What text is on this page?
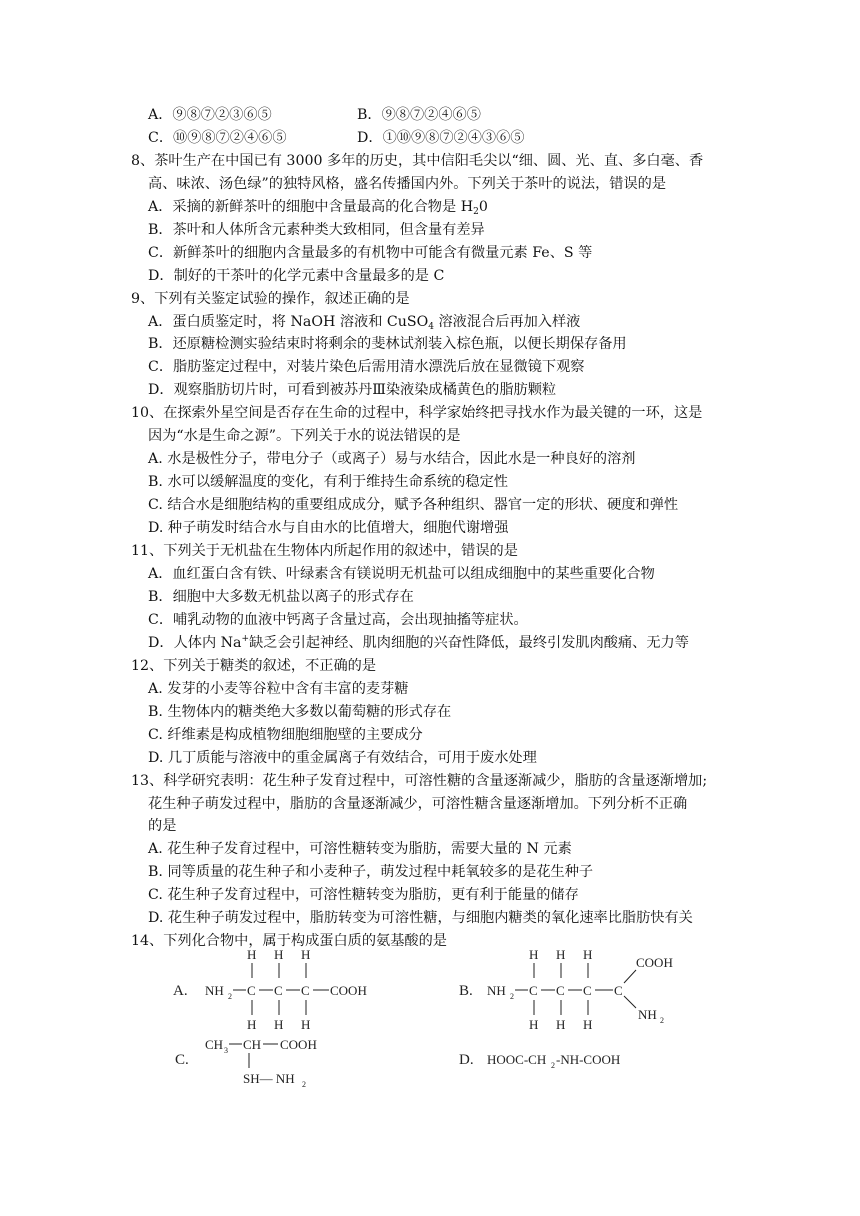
A．⑨⑧⑦②③⑥⑤	B．⑨⑧⑦②④⑥⑤
C．⑩⑨⑧⑦②④⑥⑤	D．①⑩⑨⑧⑦②④③⑥⑤
8、茶叶生产在中国已有 3000 多年的历史，其中信阳毛尖以“细、圆、光、直、多白毫、香
高、味浓、汤色绿”的独特风格，盛名传播国内外。下列关于茶叶的说法，错误的是
A．采摘的新鲜茶叶的细胞中含量最高的化合物是 $H_20$
B．茶叶和人体所含元素种类大致相同，但含量有差异
C．新鲜茶叶的细胞内含量最多的有机物中可能含有微量元素 Fe、S 等
D．制好的干茶叶的化学元素中含量最多的是 C
9、下列有关鉴定试验的操作，叙述正确的是
A．蛋白质鉴定时，将 NaOH 溶液和 CuSO$_4$ 溶液混合后再加入样液
B．还原糖检测实验结束时将剩余的斐林试剂装入棕色瓶，以便长期保存备用
C．脂肪鉴定过程中，对装片染色后需用清水漂洗后放在显微镜下观察
D．观察脂肪切片时，可看到被苏丹Ⅲ染液染成橘黄色的脂肪颗粒
10、在探索外星空间是否存在生命的过程中，科学家始终把寻找水作为最关键的一环，这是
因为“水是生命之源”。下列关于水的说法错误的是
A. 水是极性分子，带电分子（或离子）易与水结合，因此水是一种良好的溶剂
B. 水可以缓解温度的变化，有利于维持生命系统的稳定性
C. 结合水是细胞结构的重要组成成分，赋予各种组织、器官一定的形状、硬度和弹性
D. 种子萌发时结合水与自由水的比值增大，细胞代谢增强
11、下列关于无机盐在生物体内所起作用的叙述中，错误的是
A．血红蛋白含有铁、叶绿素含有镁说明无机盐可以组成细胞中的某些重要化合物
B．细胞中大多数无机盐以离子的形式存在
C．哺乳动物的血液中钙离子含量过高，会出现抽搐等症状。
D．人体内 Na+缺乏会引起神经、肌肉细胞的兴奋性降低，最终引发肌肉酸痛、无力等
12、下列关于糖类的叙述，不正确的是
A. 发芽的小麦等谷粒中含有丰富的麦芽糖
B. 生物体内的糖类绝大多数以葡萄糖的形式存在
C. 纤维素是构成植物细胞细胞壁的主要成分
D. 几丁质能与溶液中的重金属离子有效结合，可用于废水处理
13、科学研究表明：花生种子发育过程中，可溶性糖的含量逐渐减少，脂肪的含量逐渐增加;
花生种子萌发过程中，脂肪的含量逐渐减少，可溶性糖含量逐渐增加。下列分析不正确
的是
A. 花生种子发育过程中，可溶性糖转变为脂肪，需要大量的 N 元素
B. 同等质量的花生种子和小麦种子，萌发过程中耗氧较多的是花生种子
C. 花生种子发育过程中，可溶性糖转变为脂肪，更有利于能量的储存
D. 花生种子萌发过程中，脂肪转变为可溶性糖，与细胞内糖类的氧化速率比脂肪快有关
14、下列化合物中，属于构成蛋白质的氨基酸的是
A.
H H H
NH 2 C C C COOH
H H H
B.
H H H
NH 2 C C C C
COOH
NH 2
H H H
C.
CH 3 CH COOH
SH— NH 2
D. HOOC-CH 2 -NH-COOH
